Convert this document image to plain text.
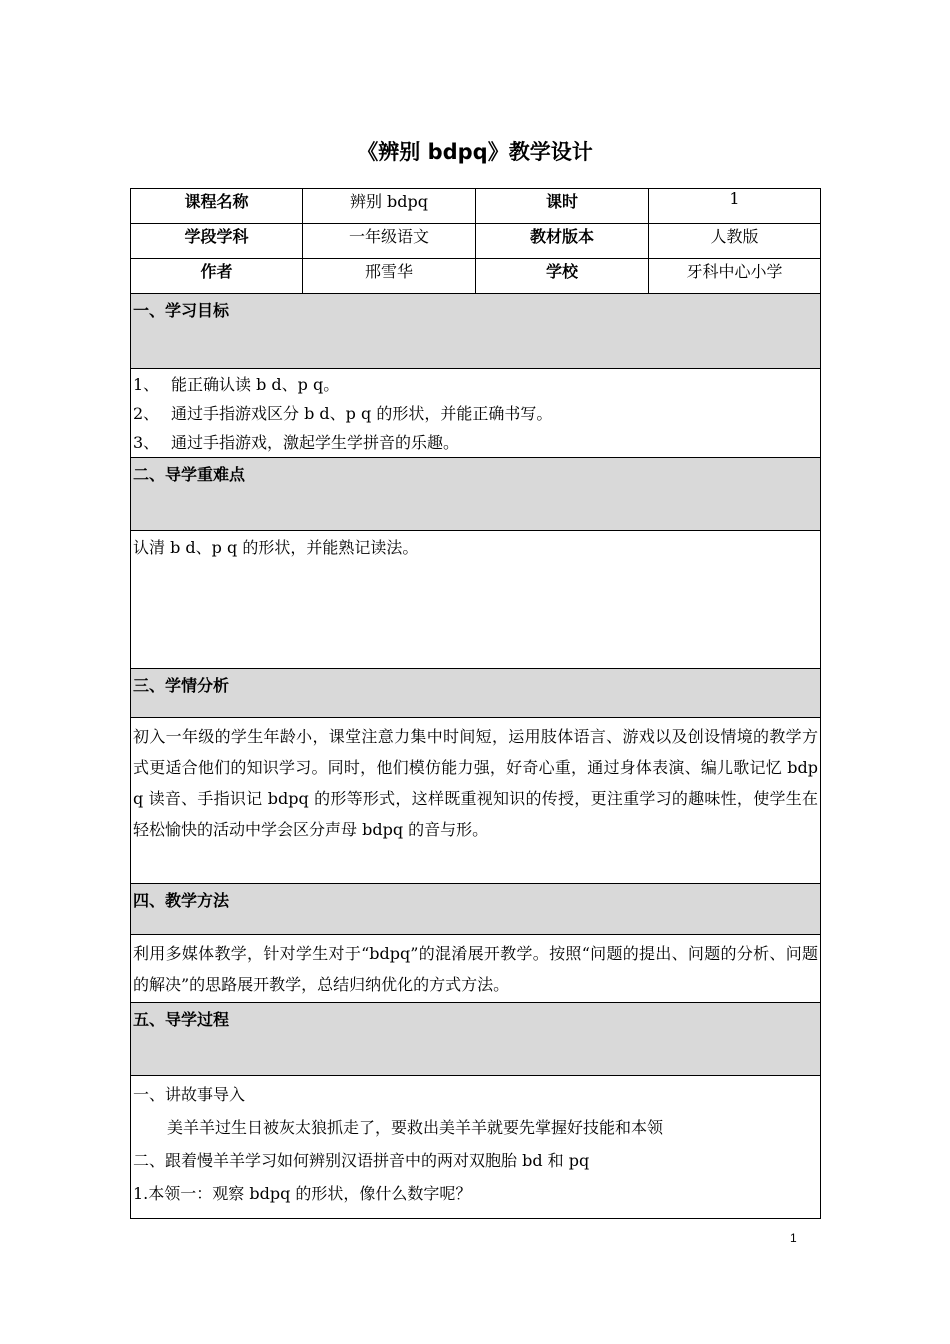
《辨别 bdpq》教学设计
课程名称	辨别 bdpq	课时	1
学段学科	一年级语文	教材版本	人教版
作者	邢雪华	学校	牙科中心小学
一、学习目标			

1、 能正确认读 b d、p q。
2、 通过手指游戏区分 b d、p q 的形状，并能正确书写。
3、 通过手指游戏，激起学生学拼音的乐趣。			

二、导学重难点			
认清 b d、p q 的形状，并能熟记读法。			
三、学情分析			
初入一年级的学生年龄小，课堂注意力集中时间短，运用肢体语言、游戏以及创设情境的教学方式更适合他们的知识学习。同时，他们模仿能力强，好奇心重，通过身体表演、编儿歌记忆 bdpq 读音、手指识记 bdpq 的形等形式，这样既重视知识的传授，更注重学习的趣味性，使学生在轻松愉快的活动中学会区分声母 bdpq 的音与形。			
四、教学方法			
利用多媒体教学，针对学生对于“bdpq”的混淆展开教学。按照“问题的提出、问题的分析、问题的解决”的思路展开教学，总结归纳优化的方式方法。			
五、导学过程			

一、讲故事导入
美羊羊过生日被灰太狼抓走了，要救出美羊羊就要先掌握好技能和本领
二、跟着慢羊羊学习如何辨别汉语拼音中的两对双胞胎 bd 和 pq
1.本领一：观察 bdpq 的形状，像什么数字呢？			
1
